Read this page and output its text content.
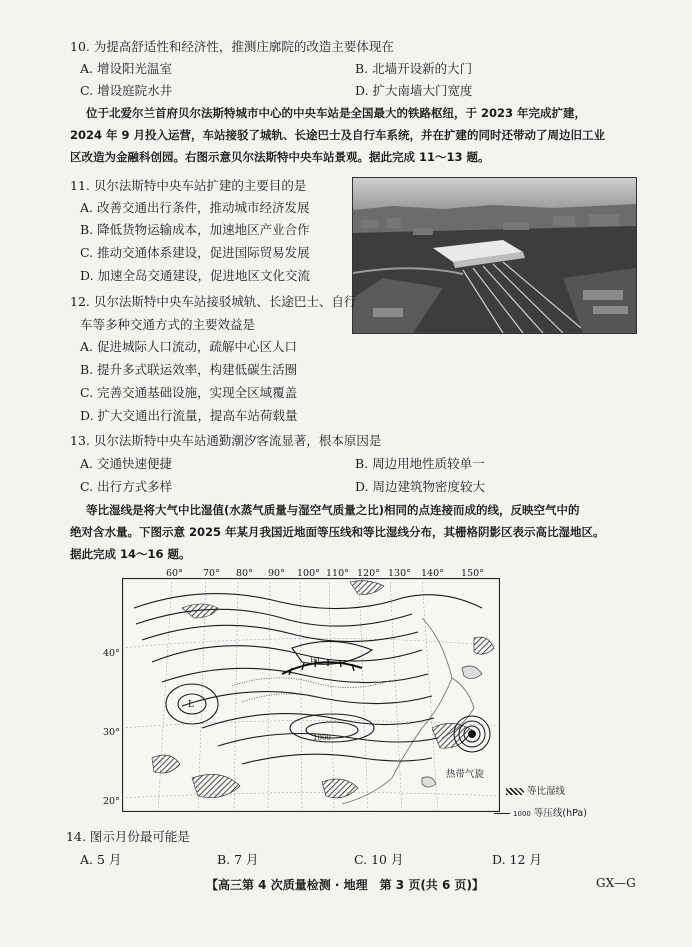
10. 为提高舒适性和经济性，推测庄廓院的改造主要体现在
A. 增设阳光温室	B. 北墙开设新的大门
C. 增设庭院水井	D. 扩大南墙大门宽度
位于北爱尔兰首府贝尔法斯特城市中心的中央车站是全国最大的铁路枢纽，于 2023 年完成扩建，
2024 年 9 月投入运营，车站接驳了城轨、长途巴士及自行车系统，并在扩建的同时还带动了周边旧工业
区改造为金融科创园。右图示意贝尔法斯特中央车站景观。据此完成 11～13 题。
11. 贝尔法斯特中央车站扩建的主要目的是
A. 改善交通出行条件，推动城市经济发展
B. 降低货物运输成本，加速地区产业合作
C. 推动交通体系建设，促进国际贸易发展
D. 加速全岛交通建设，促进地区文化交流
12. 贝尔法斯特中央车站接驳城轨、长途巴士、自行
车等多种交通方式的主要效益是
A. 促进城际人口流动，疏解中心区人口
B. 提升多式联运效率，构建低碳生活圈
C. 完善交通基础设施，实现全区域覆盖
D. 扩大交通出行流量，提高车站荷载量
13. 贝尔法斯特中央车站通勤潮汐客流显著，根本原因是
A. 交通快速便捷	B. 周边用地性质较单一
C. 出行方式多样	D. 周边建筑物密度较大
等比湿线是将大气中比湿值(水蒸气质量与湿空气质量之比)相同的点连接而成的线，反映空气中的
绝对含水量。下图示意 2025 年某月我国近地面等压线和等比湿线分布，其栅格阴影区表示高比湿地区。
据此完成 14～16 题。
60° 70° 80° 90° 100° 110° 120° 130° 140° 150°
40°
30°
20°
甲
L
1000
热带气旋
等比湿线
1000 等压线(hPa)
14. 图示月份最可能是
A. 5 月	B. 7 月	C. 10 月	D. 12 月
【高三第 4 次质量检测 · 地理　第 3 页(共 6 页)】	GX—G
